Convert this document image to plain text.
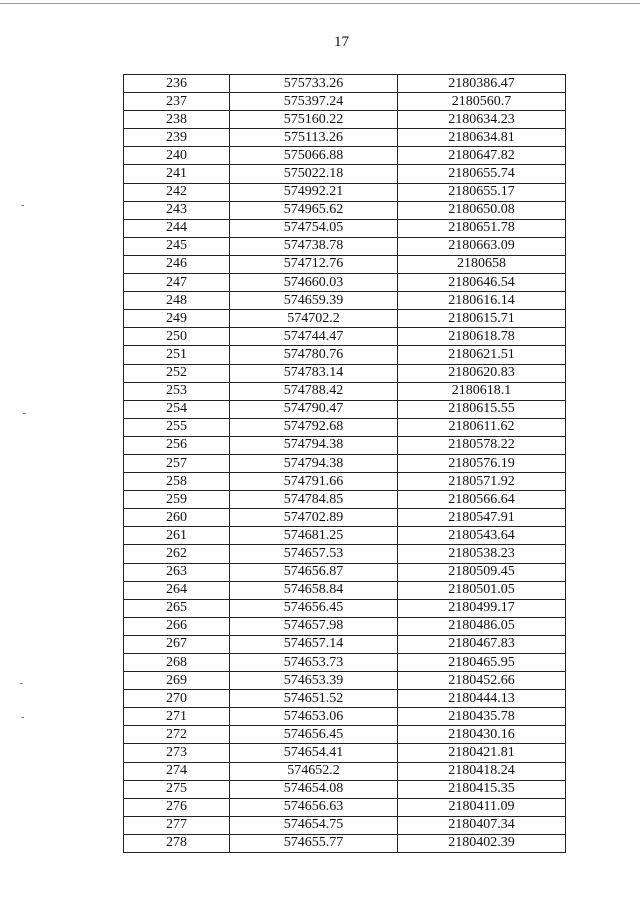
17
236	575733.26	2180386.47
237	575397.24	2180560.7
238	575160.22	2180634.23
239	575113.26	2180634.81
240	575066.88	2180647.82
241	575022.18	2180655.74
242	574992.21	2180655.17
243	574965.62	2180650.08
244	574754.05	2180651.78
245	574738.78	2180663.09
246	574712.76	2180658
247	574660.03	2180646.54
248	574659.39	2180616.14
249	574702.2	2180615.71
250	574744.47	2180618.78
251	574780.76	2180621.51
252	574783.14	2180620.83
253	574788.42	2180618.1
254	574790.47	2180615.55
255	574792.68	2180611.62
256	574794.38	2180578.22
257	574794.38	2180576.19
258	574791.66	2180571.92
259	574784.85	2180566.64
260	574702.89	2180547.91
261	574681.25	2180543.64
262	574657.53	2180538.23
263	574656.87	2180509.45
264	574658.84	2180501.05
265	574656.45	2180499.17
266	574657.98	2180486.05
267	574657.14	2180467.83
268	574653.73	2180465.95
269	574653.39	2180452.66
270	574651.52	2180444.13
271	574653.06	2180435.78
272	574656.45	2180430.16
273	574654.41	2180421.81
274	574652.2	2180418.24
275	574654.08	2180415.35
276	574656.63	2180411.09
277	574654.75	2180407.34
278	574655.77	2180402.39
